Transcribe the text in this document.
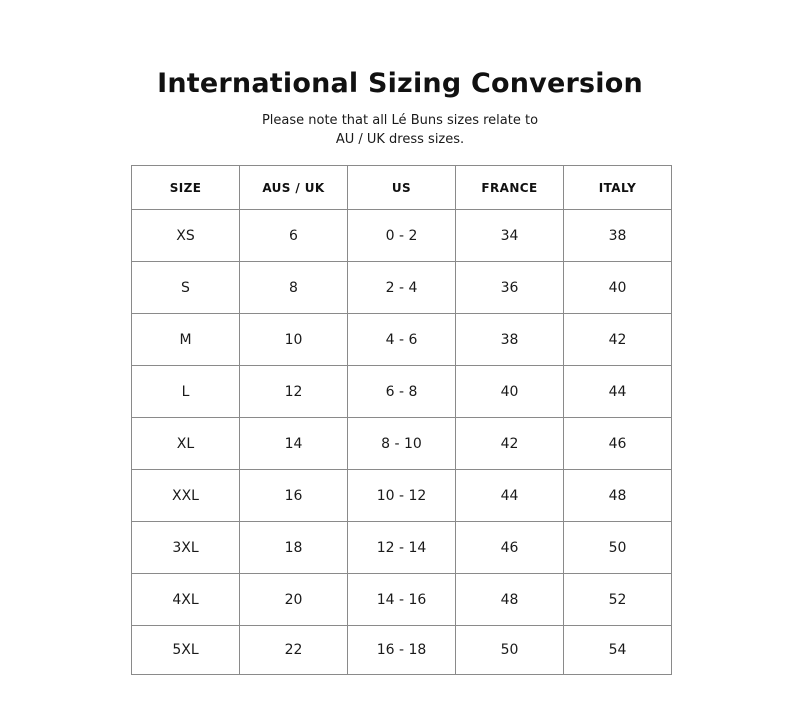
International Sizing Conversion

Please note that all Lé Buns sizes relate to
AU / UK dress sizes.

SIZE	AUS / UK	US	FRANCE	ITALY
XS	6	0 - 2	34	38
S	8	2 - 4	36	40
M	10	4 - 6	38	42
L	12	6 - 8	40	44
XL	14	8 - 10	42	46
XXL	16	10 - 12	44	48
3XL	18	12 - 14	46	50
4XL	20	14 - 16	48	52
5XL	22	16 - 18	50	54
